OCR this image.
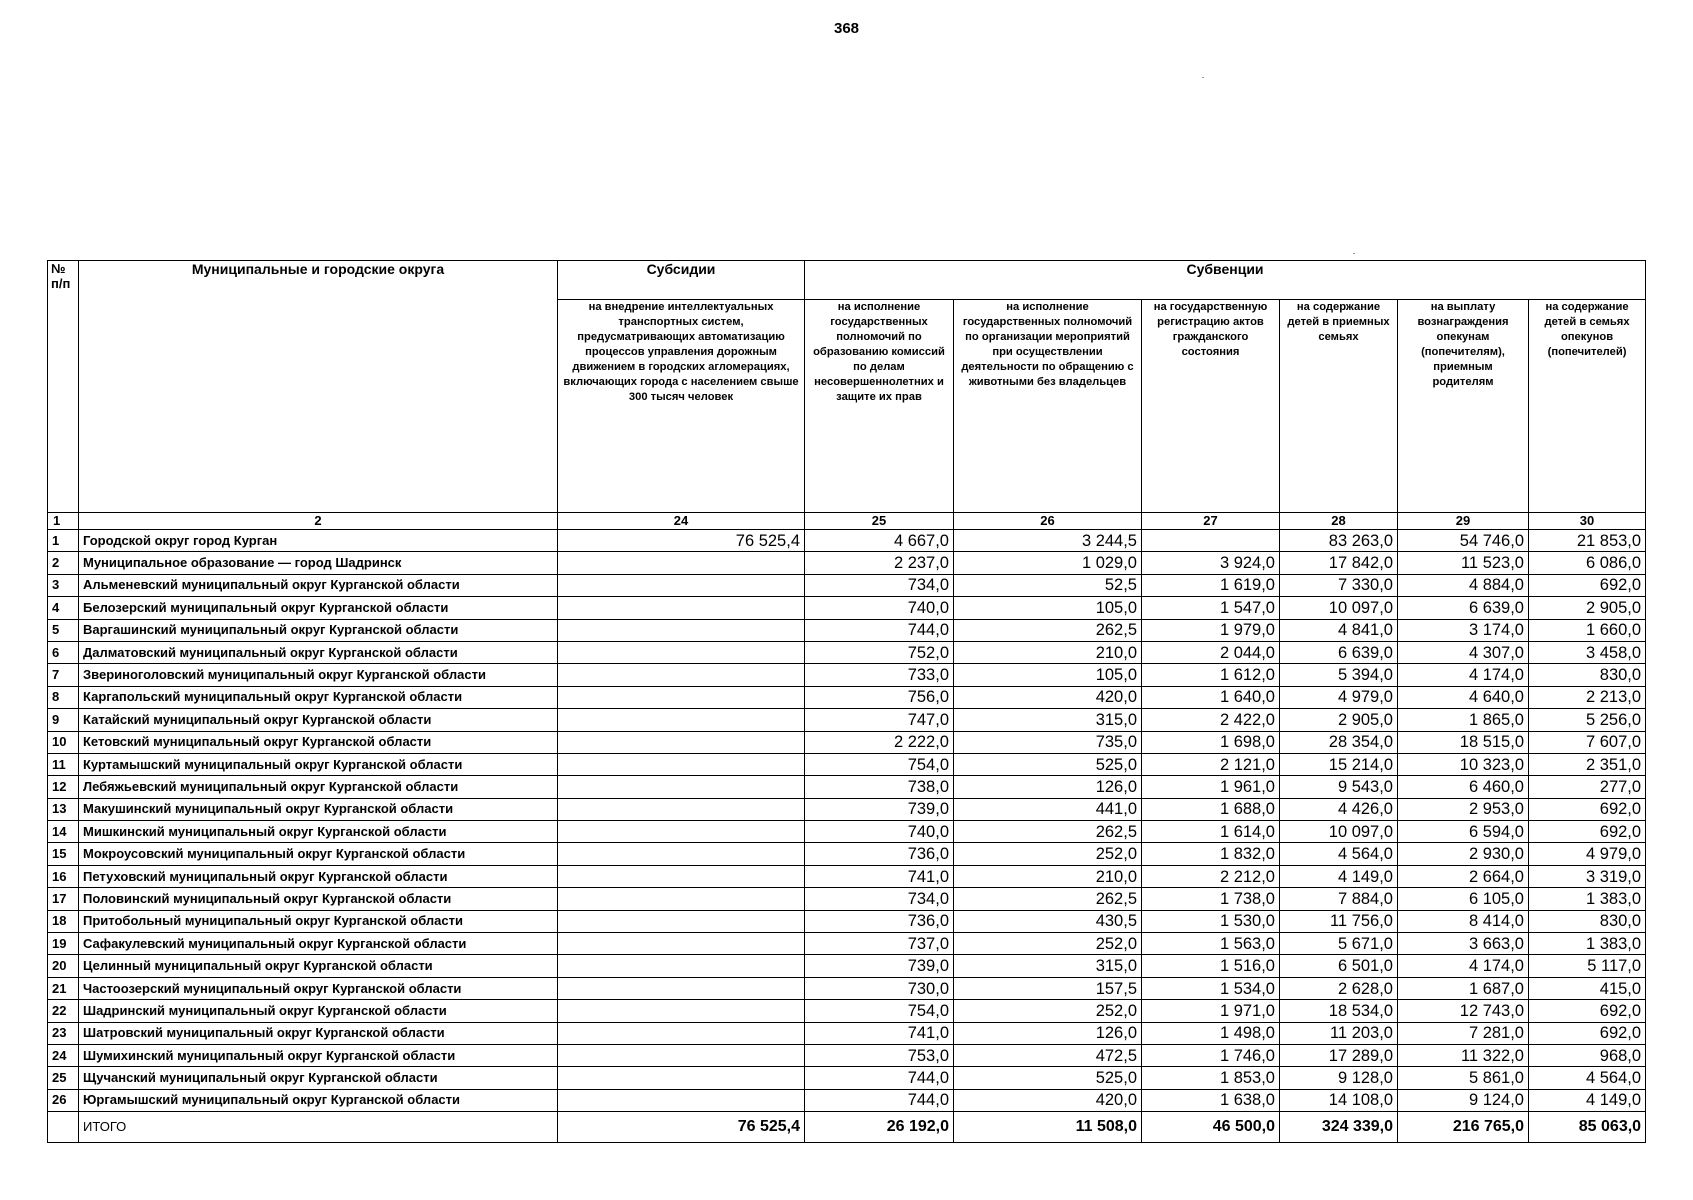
368
№ п/п	Муниципальные и городские округа	Субсидии	Субвенции					
		на внедрение интеллектуальных транспортных систем, предусматривающих автоматизацию процессов управления дорожным движением в городских агломерациях, включающих города с населением свыше 300 тысяч человек	на исполнение государственных полномочий по образованию комиссий по делам несовершеннолетних и защите их прав	на исполнение государственных полномочий по организации мероприятий при осуществлении деятельности по обращению с животными без владельцев	на государственную регистрацию актов гражданского состояния	на содержание детей в приемных семьях	на выплату вознаграждения опекунам (попечителям), приемным родителям	на содержание детей в семьях опекунов (попечителей)
1	2	24	25	26	27	28	29	30
1	Городской округ город Курган	76 525,4	4 667,0	3 244,5		83 263,0	54 746,0	21 853,0
2	Муниципальное образование — город Шадринск		2 237,0	1 029,0	3 924,0	17 842,0	11 523,0	6 086,0
3	Альменевский муниципальный округ Курганской области		734,0	52,5	1 619,0	7 330,0	4 884,0	692,0
4	Белозерский муниципальный округ Курганской области		740,0	105,0	1 547,0	10 097,0	6 639,0	2 905,0
5	Варгашинский муниципальный округ Курганской области		744,0	262,5	1 979,0	4 841,0	3 174,0	1 660,0
6	Далматовский муниципальный округ Курганской области		752,0	210,0	2 044,0	6 639,0	4 307,0	3 458,0
7	Звериноголовский муниципальный округ Курганской области		733,0	105,0	1 612,0	5 394,0	4 174,0	830,0
8	Каргапольский муниципальный округ Курганской области		756,0	420,0	1 640,0	4 979,0	4 640,0	2 213,0
9	Катайский муниципальный округ Курганской области		747,0	315,0	2 422,0	2 905,0	1 865,0	5 256,0
10	Кетовский муниципальный округ Курганской области		2 222,0	735,0	1 698,0	28 354,0	18 515,0	7 607,0
11	Куртамышский муниципальный округ Курганской области		754,0	525,0	2 121,0	15 214,0	10 323,0	2 351,0
12	Лебяжьевский муниципальный округ Курганской области		738,0	126,0	1 961,0	9 543,0	6 460,0	277,0
13	Макушинский муниципальный округ Курганской области		739,0	441,0	1 688,0	4 426,0	2 953,0	692,0
14	Мишкинский муниципальный округ Курганской области		740,0	262,5	1 614,0	10 097,0	6 594,0	692,0
15	Мокроусовский муниципальный округ Курганской области		736,0	252,0	1 832,0	4 564,0	2 930,0	4 979,0
16	Петуховский муниципальный округ Курганской области		741,0	210,0	2 212,0	4 149,0	2 664,0	3 319,0
17	Половинский муниципальный округ Курганской области		734,0	262,5	1 738,0	7 884,0	6 105,0	1 383,0
18	Притобольный муниципальный округ Курганской области		736,0	430,5	1 530,0	11 756,0	8 414,0	830,0
19	Сафакулевский муниципальный округ Курганской области		737,0	252,0	1 563,0	5 671,0	3 663,0	1 383,0
20	Целинный муниципальный округ Курганской области		739,0	315,0	1 516,0	6 501,0	4 174,0	5 117,0
21	Частоозерский муниципальный округ Курганской области		730,0	157,5	1 534,0	2 628,0	1 687,0	415,0
22	Шадринский муниципальный округ Курганской области		754,0	252,0	1 971,0	18 534,0	12 743,0	692,0
23	Шатровский муниципальный округ Курганской области		741,0	126,0	1 498,0	11 203,0	7 281,0	692,0
24	Шумихинский муниципальный округ Курганской области		753,0	472,5	1 746,0	17 289,0	11 322,0	968,0
25	Щучанский муниципальный округ Курганской области		744,0	525,0	1 853,0	9 128,0	5 861,0	4 564,0
26	Юргамышский муниципальный округ Курганской области		744,0	420,0	1 638,0	14 108,0	9 124,0	4 149,0
	ИТОГО	76 525,4	26 192,0	11 508,0	46 500,0	324 339,0	216 765,0	85 063,0
